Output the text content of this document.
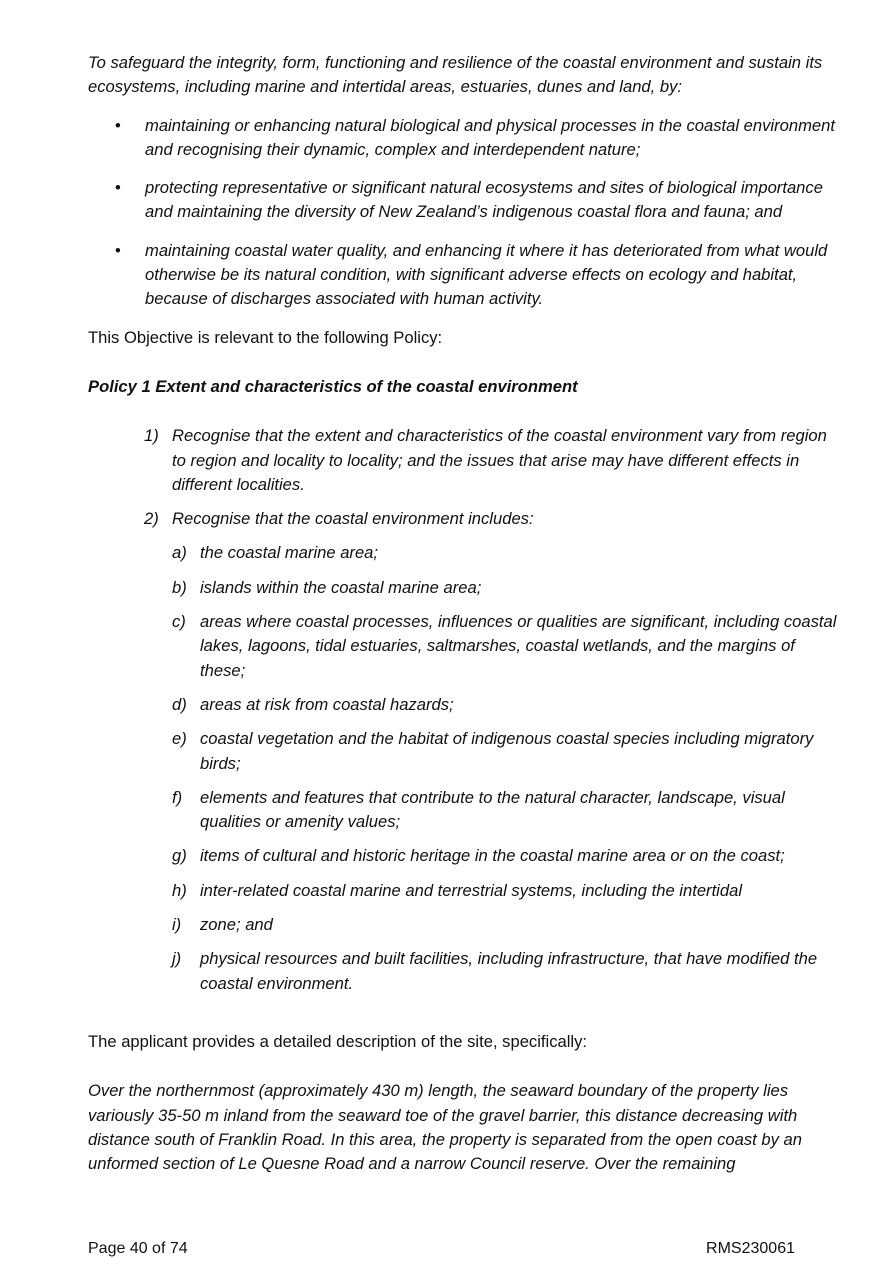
To safeguard the integrity, form, functioning and resilience of the coastal environment and sustain its ecosystems, including marine and intertidal areas, estuaries, dunes and land, by:

• maintaining or enhancing natural biological and physical processes in the coastal environment and recognising their dynamic, complex and interdependent nature;
• protecting representative or significant natural ecosystems and sites of biological importance and maintaining the diversity of New Zealand’s indigenous coastal flora and fauna; and
• maintaining coastal water quality, and enhancing it where it has deteriorated from what would otherwise be its natural condition, with significant adverse effects on ecology and habitat, because of discharges associated with human activity.

This Objective is relevant to the following Policy:

Policy 1 Extent and characteristics of the coastal environment

1) Recognise that the extent and characteristics of the coastal environment vary from region to region and locality to locality; and the issues that arise may have different effects in different localities.
2) Recognise that the coastal environment includes:
a) the coastal marine area;
b) islands within the coastal marine area;
c) areas where coastal processes, influences or qualities are significant, including coastal lakes, lagoons, tidal estuaries, saltmarshes, coastal wetlands, and the margins of these;
d) areas at risk from coastal hazards;
e) coastal vegetation and the habitat of indigenous coastal species including migratory birds;
f) elements and features that contribute to the natural character, landscape, visual qualities or amenity values;
g) items of cultural and historic heritage in the coastal marine area or on the coast;
h) inter-related coastal marine and terrestrial systems, including the intertidal
i) zone; and
j) physical resources and built facilities, including infrastructure, that have modified the coastal environment.

The applicant provides a detailed description of the site, specifically:

Over the northernmost (approximately 430 m) length, the seaward boundary of the property lies variously 35-50 m inland from the seaward toe of the gravel barrier, this distance decreasing with distance south of Franklin Road. In this area, the property is separated from the open coast by an unformed section of Le Quesne Road and a narrow Council reserve. Over the remaining

Page 40 of 74	RMS230061
